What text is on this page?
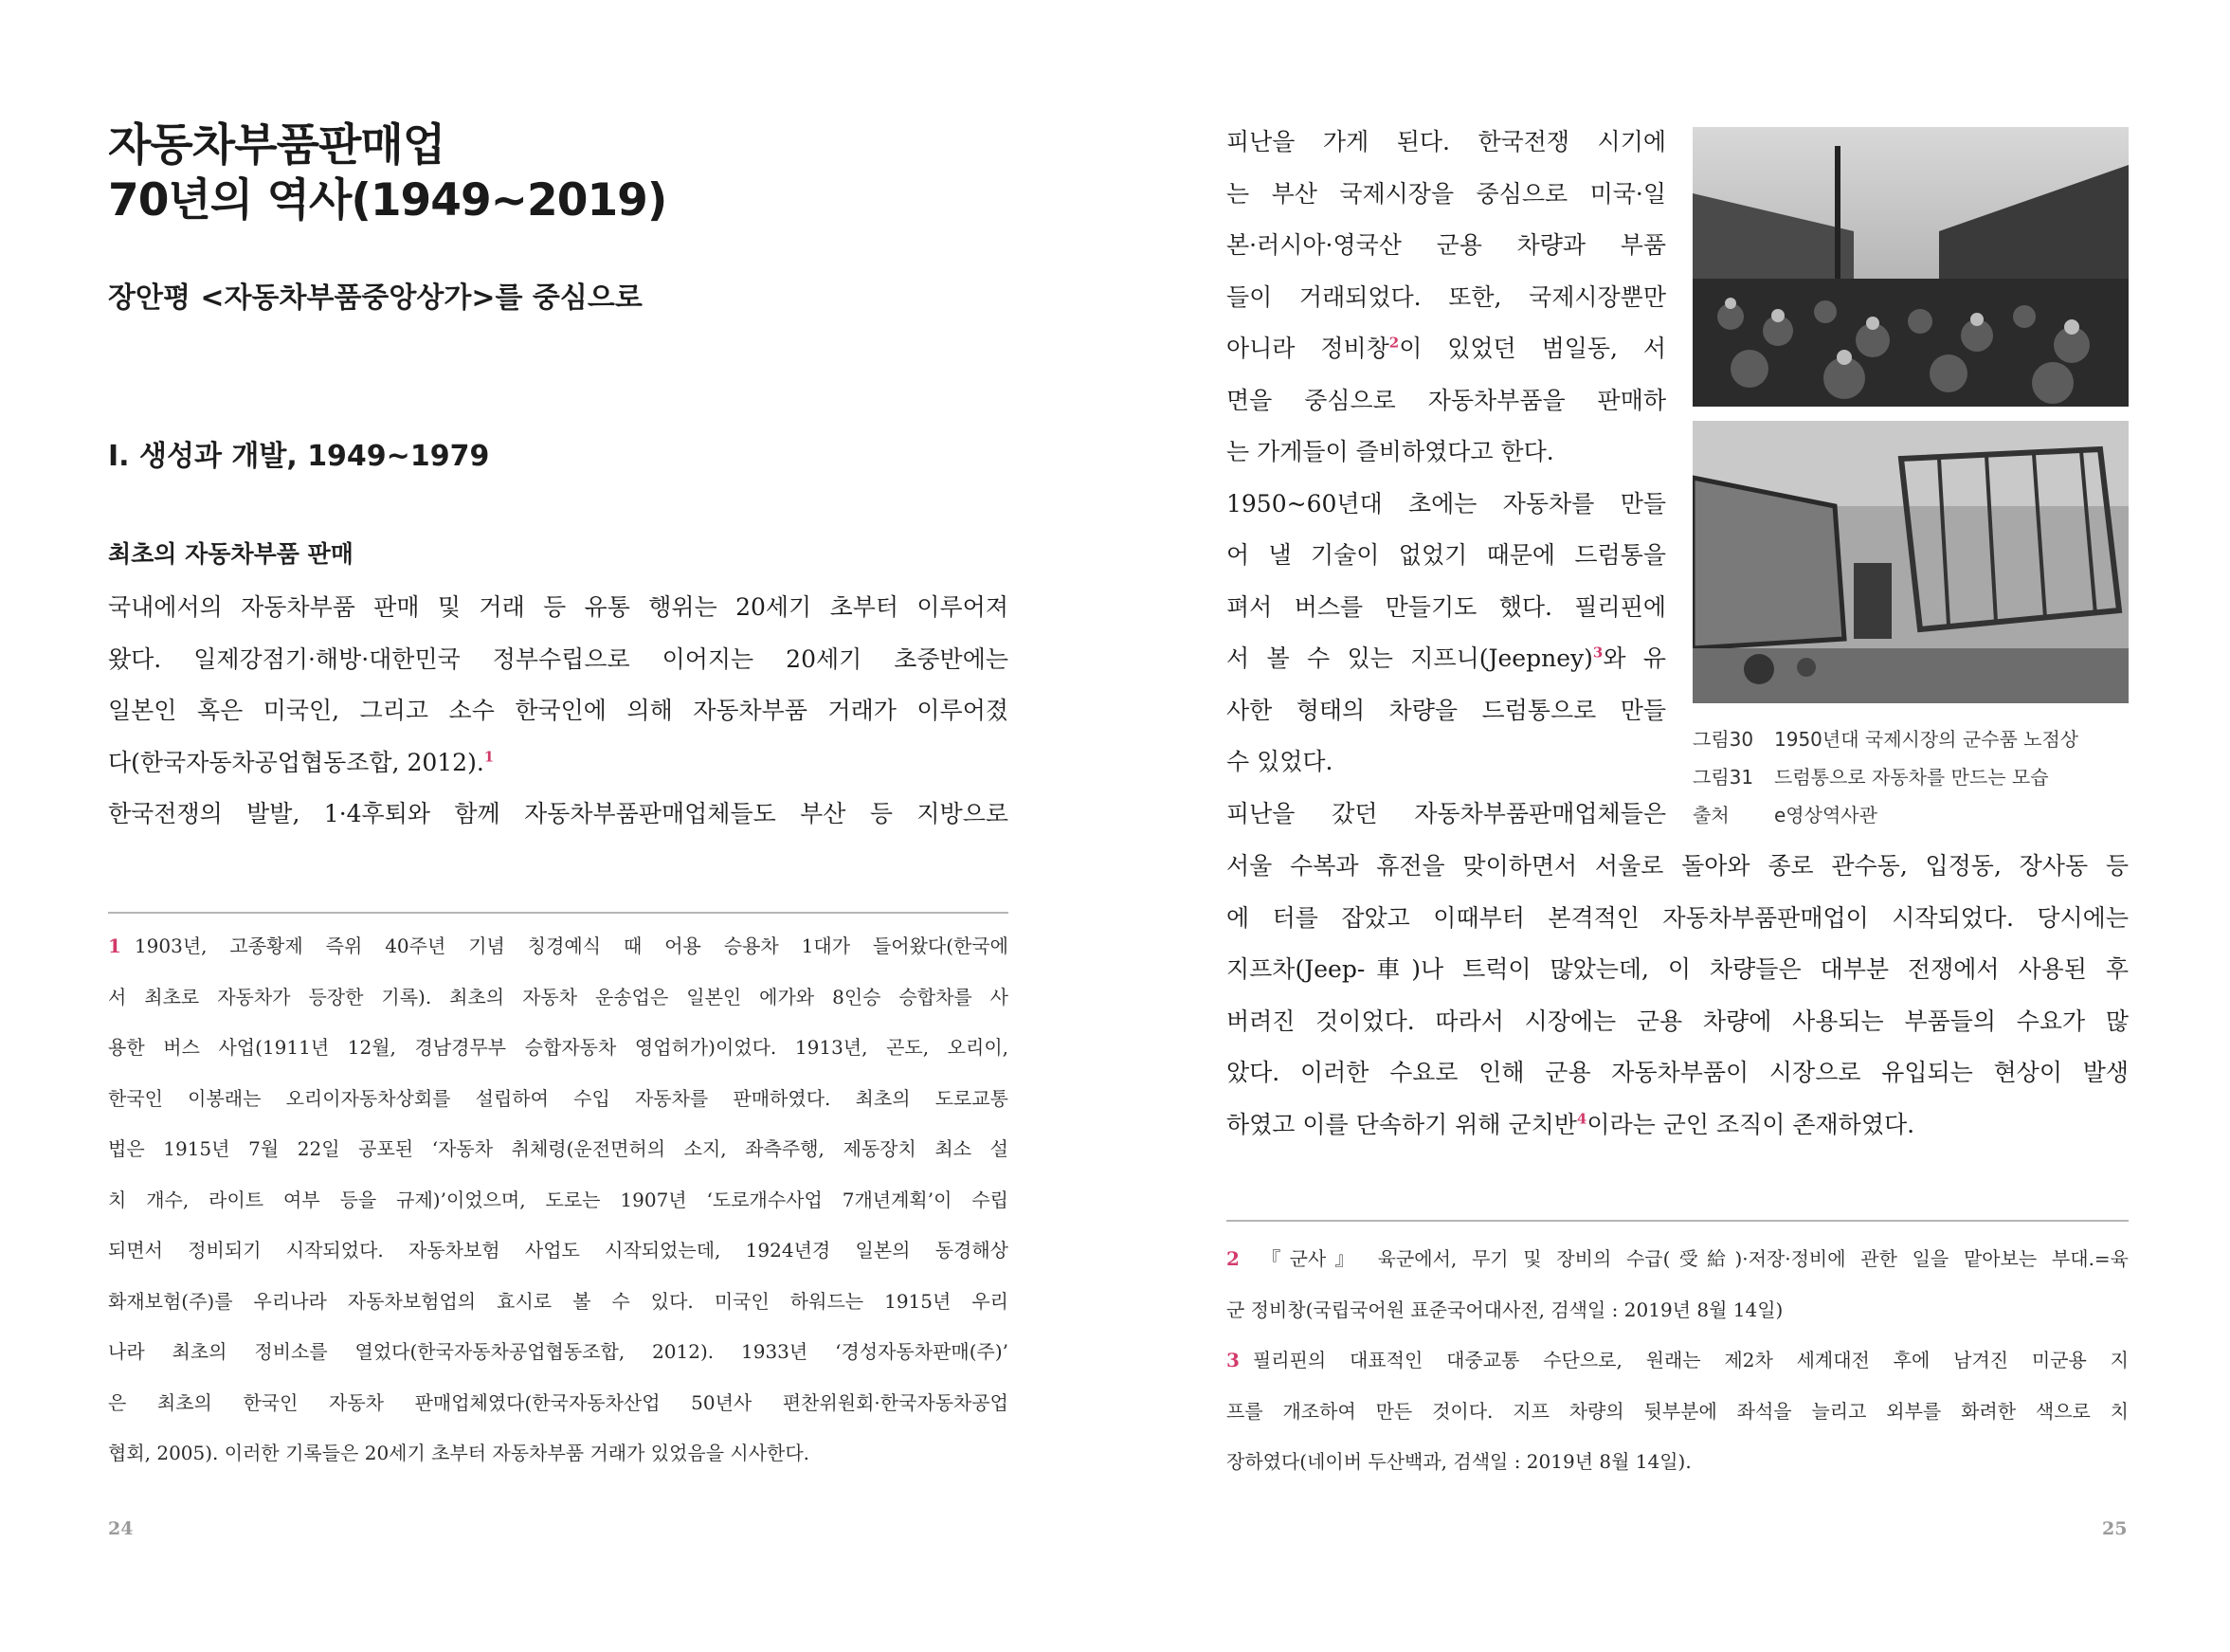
자동차부품판매업
70년의 역사(1949~2019)
장안평 <자동차부품중앙상가>를 중심으로
I. 생성과 개발, 1949~1979
최초의 자동차부품 판매
국내에서의 자동차부품 판매 및 거래 등 유통 행위는 20세기 초부터 이루어져
왔다. 일제강점기·해방·대한민국 정부수립으로 이어지는 20세기 초중반에는
일본인 혹은 미국인, 그리고 소수 한국인에 의해 자동차부품 거래가 이루어졌
다(한국자동차공업협동조합, 2012).$^1$
한국전쟁의 발발, 1·4후퇴와 함께 자동차부품판매업체들도 부산 등 지방으로
1 1903년, 고종황제 즉위 40주년 기념 칭경예식 때 어용 승용차 1대가 들어왔다(한국에
서 최초로 자동차가 등장한 기록). 최초의 자동차 운송업은 일본인 에가와 8인승 승합차를 사
용한 버스 사업(1911년 12월, 경남경무부 승합자동차 영업허가)이었다. 1913년, 곤도, 오리이,
한국인 이봉래는 오리이자동차상회를 설립하여 수입 자동차를 판매하였다. 최초의 도로교통
법은 1915년 7월 22일 공포된 ‘자동차 취체령(운전면허의 소지, 좌측주행, 제동장치 최소 설
치 개수, 라이트 여부 등을 규제)’이었으며, 도로는 1907년 ‘도로개수사업 7개년계획’이 수립
되면서 정비되기 시작되었다. 자동차보험 사업도 시작되었는데, 1924년경 일본의 동경해상
화재보험(주)를 우리나라 자동차보험업의 효시로 볼 수 있다. 미국인 하워드는 1915년 우리
나라 최초의 정비소를 열었다(한국자동차공업협동조합, 2012). 1933년 ‘경성자동차판매(주)’
은 최초의 한국인 자동차 판매업체였다(한국자동차산업 50년사 편찬위원회·한국자동차공업
협회, 2005). 이러한 기록들은 20세기 초부터 자동차부품 거래가 있었음을 시사한다.
24
피난을 가게 된다. 한국전쟁 시기에
는 부산 국제시장을 중심으로 미국·일
본·러시아·영국산 군용 차량과 부품
들이 거래되었다. 또한, 국제시장뿐만
아니라 정비창$^2$이 있었던 범일동, 서
면을 중심으로 자동차부품을 판매하
는 가게들이 즐비하였다고 한다.
1950~60년대 초에는 자동차를 만들
어 낼 기술이 없었기 때문에 드럼통을
펴서 버스를 만들기도 했다. 필리핀에
서 볼 수 있는 지프니(Jeepney)$^3$와 유
사한 형태의 차량을 드럼통으로 만들
수 있었다.
피난을 갔던 자동차부품판매업체들은
그림30 1950년대 국제시장의 군수품 노점상
그림31 드럼통으로 자동차를 만드는 모습
출처 e영상역사관
서울 수복과 휴전을 맞이하면서 서울로 돌아와 종로 관수동, 입정동, 장사동 등
에 터를 잡았고 이때부터 본격적인 자동차부품판매업이 시작되었다. 당시에는
지프차(Jeep-車)나 트럭이 많았는데, 이 차량들은 대부분 전쟁에서 사용된 후
버려진 것이었다. 따라서 시장에는 군용 차량에 사용되는 부품들의 수요가 많
았다. 이러한 수요로 인해 군용 자동차부품이 시장으로 유입되는 현상이 발생
하였고 이를 단속하기 위해 군치반$^4$이라는 군인 조직이 존재하였다.
2 『군사』 육군에서, 무기 및 장비의 수급(受給)·저장·정비에 관한 일을 맡아보는 부대.=육
군 정비창(국립국어원 표준국어대사전, 검색일 : 2019년 8월 14일)
3 필리핀의 대표적인 대중교통 수단으로, 원래는 제2차 세계대전 후에 남겨진 미군용 지
프를 개조하여 만든 것이다. 지프 차량의 뒷부분에 좌석을 늘리고 외부를 화려한 색으로 치
장하였다(네이버 두산백과, 검색일 : 2019년 8월 14일).
25
